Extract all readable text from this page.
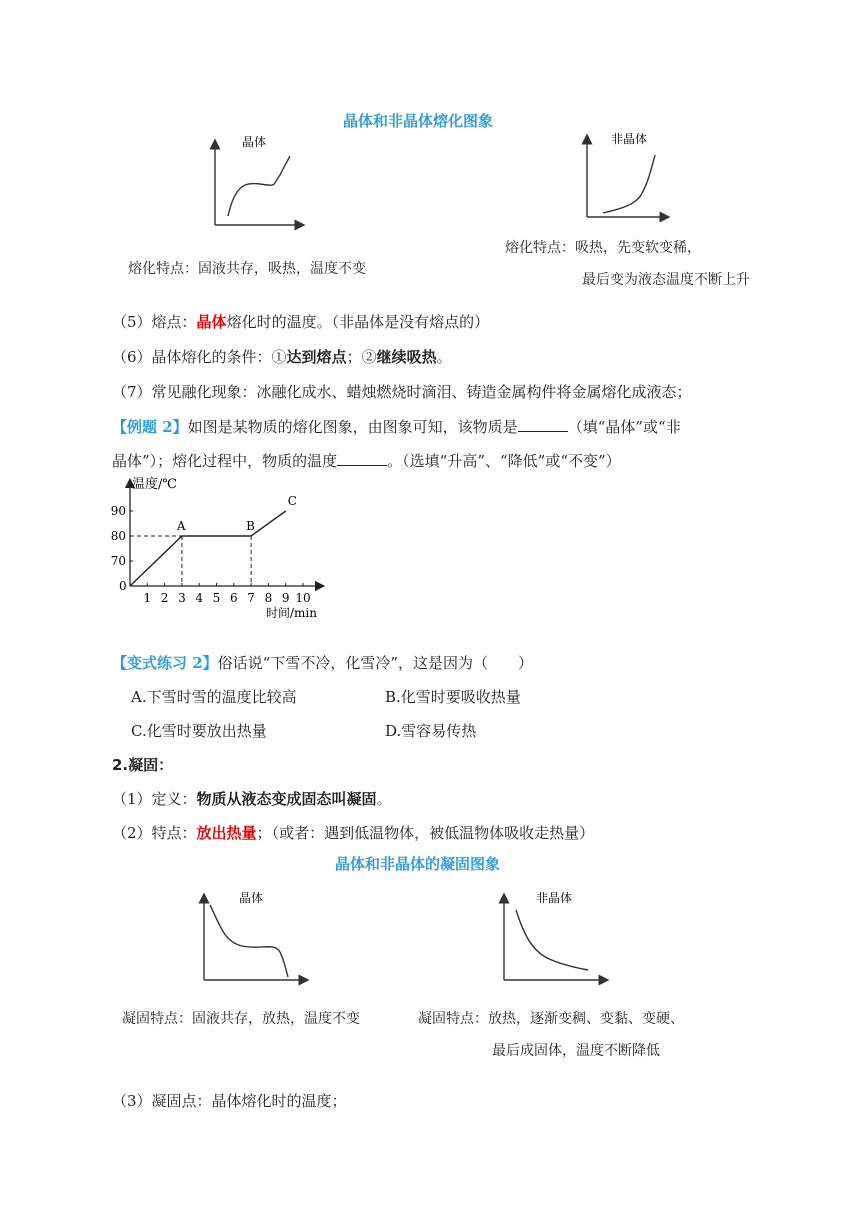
晶体和非晶体熔化图象
晶体	非晶体
熔化特点：固液共存，吸热，温度不变
熔化特点：吸热，先变软变稀，
最后变为液态温度不断上升
（5）熔点：晶体熔化时的温度。（非晶体是没有熔点的）
（6）晶体熔化的条件：①达到熔点；②继续吸热。
（7）常见融化现象：冰融化成水、蜡烛燃烧时滴泪、铸造金属构件将金属熔化成液态；
【例题 2】如图是某物质的熔化图象，由图象可知，该物质是	（填“晶体”或“非
晶体”）；熔化过程中，物质的温度	。（选填“升高”、“降低”或“不变”）
0
1 2 3 4 5 6 7 8 9 10
70
80
90
A	B
C
温度/℃
时间/min
【变式练习 2】俗话说“下雪不冷，化雪冷”，这是因为（　　）
A.下雪时雪的温度比较高	B.化雪时要吸收热量
C.化雪时要放出热量	D.雪容易传热
2.凝固：
（1）定义：物质从液态变成固态叫凝固。
（2）特点：放出热量；（或者：遇到低温物体，被低温物体吸收走热量）
晶体和非晶体的凝固图象
晶体	非晶体
凝固特点：固液共存，放热，温度不变	凝固特点：放热，逐渐变稠、变黏、变硬、
最后成固体，温度不断降低
（3）凝固点：晶体熔化时的温度；
